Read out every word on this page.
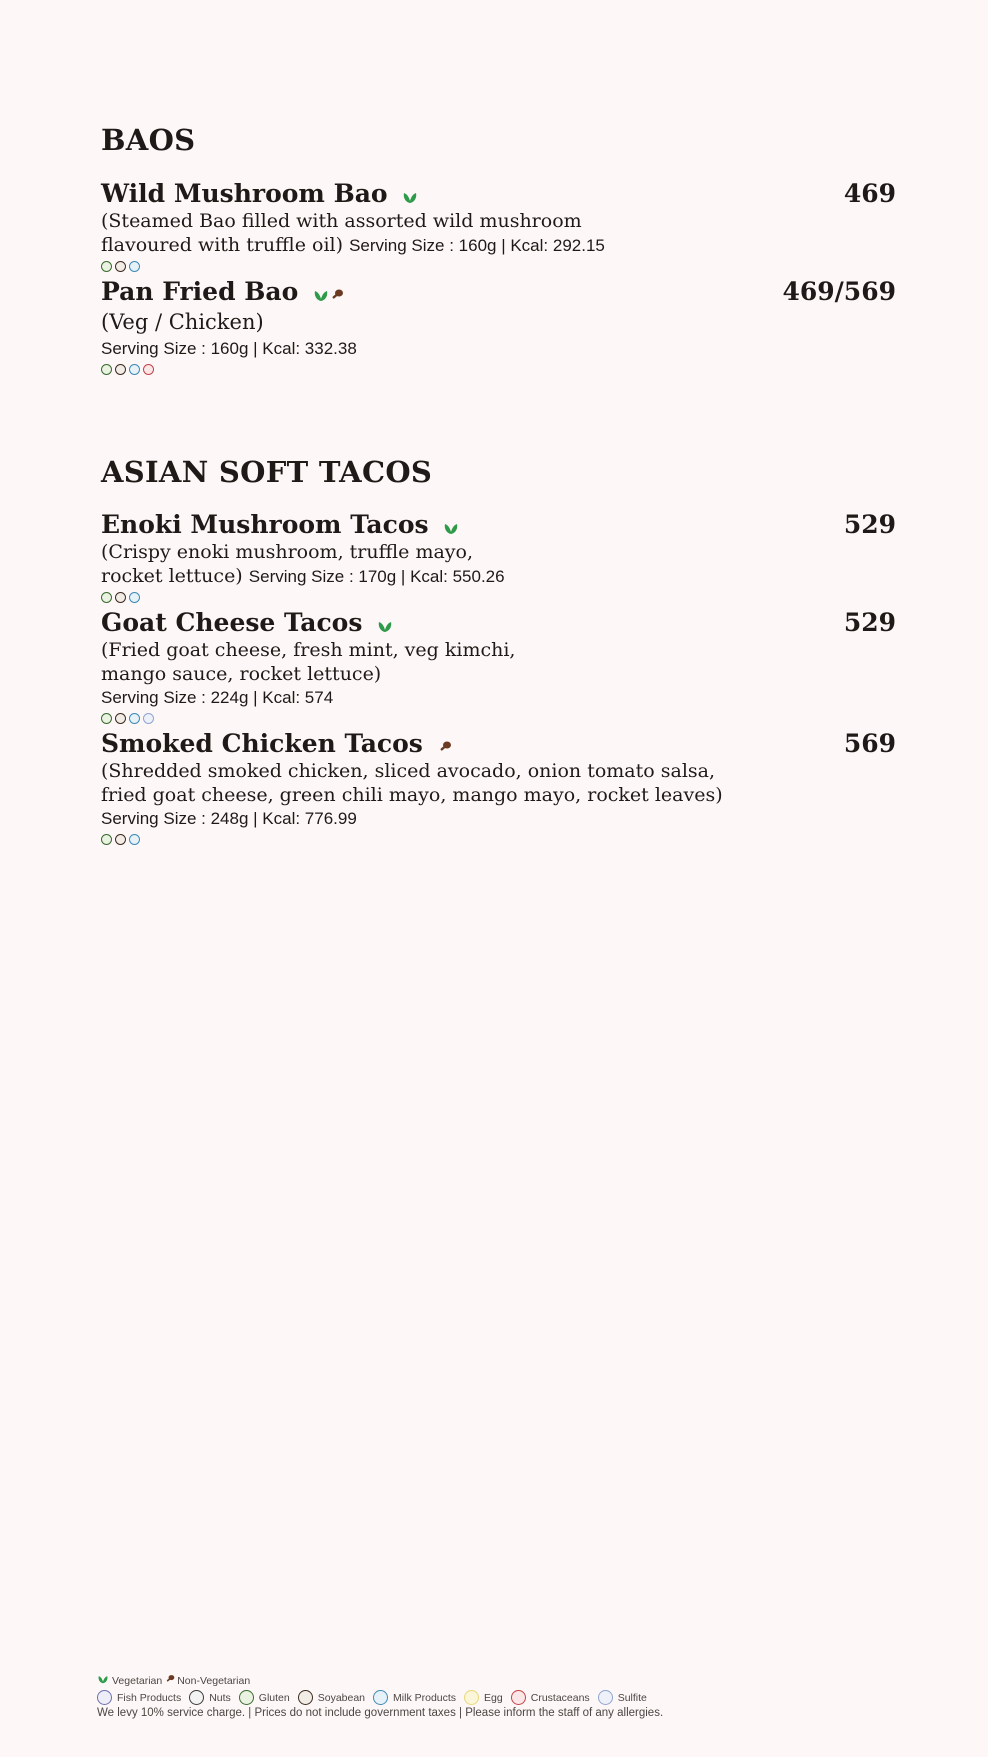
BAOS
Wild Mushroom Bao	469
(Steamed Bao filled with assorted wild mushroom
flavoured with truffle oil) Serving Size : 160g | Kcal: 292.15
Pan Fried Bao	469/569
(Veg / Chicken)
Serving Size : 160g | Kcal: 332.38
ASIAN SOFT TACOS
Enoki Mushroom Tacos	529
(Crispy enoki mushroom, truffle mayo,
rocket lettuce) Serving Size : 170g | Kcal: 550.26
Goat Cheese Tacos	529
(Fried goat cheese, fresh mint, veg kimchi,
mango sauce, rocket lettuce)
Serving Size : 224g | Kcal: 574
Smoked Chicken Tacos	569
(Shredded smoked chicken, sliced avocado, onion tomato salsa,
fried goat cheese, green chili mayo, mango mayo, rocket leaves)
Serving Size : 248g | Kcal: 776.99
Vegetarian Non-Vegetarian
Fish Products	Nuts	Gluten	Soyabean	Milk Products	Egg	Crustaceans	Sulfite
We levy 10% service charge. | Prices do not include government taxes | Please inform the staff of any allergies.
